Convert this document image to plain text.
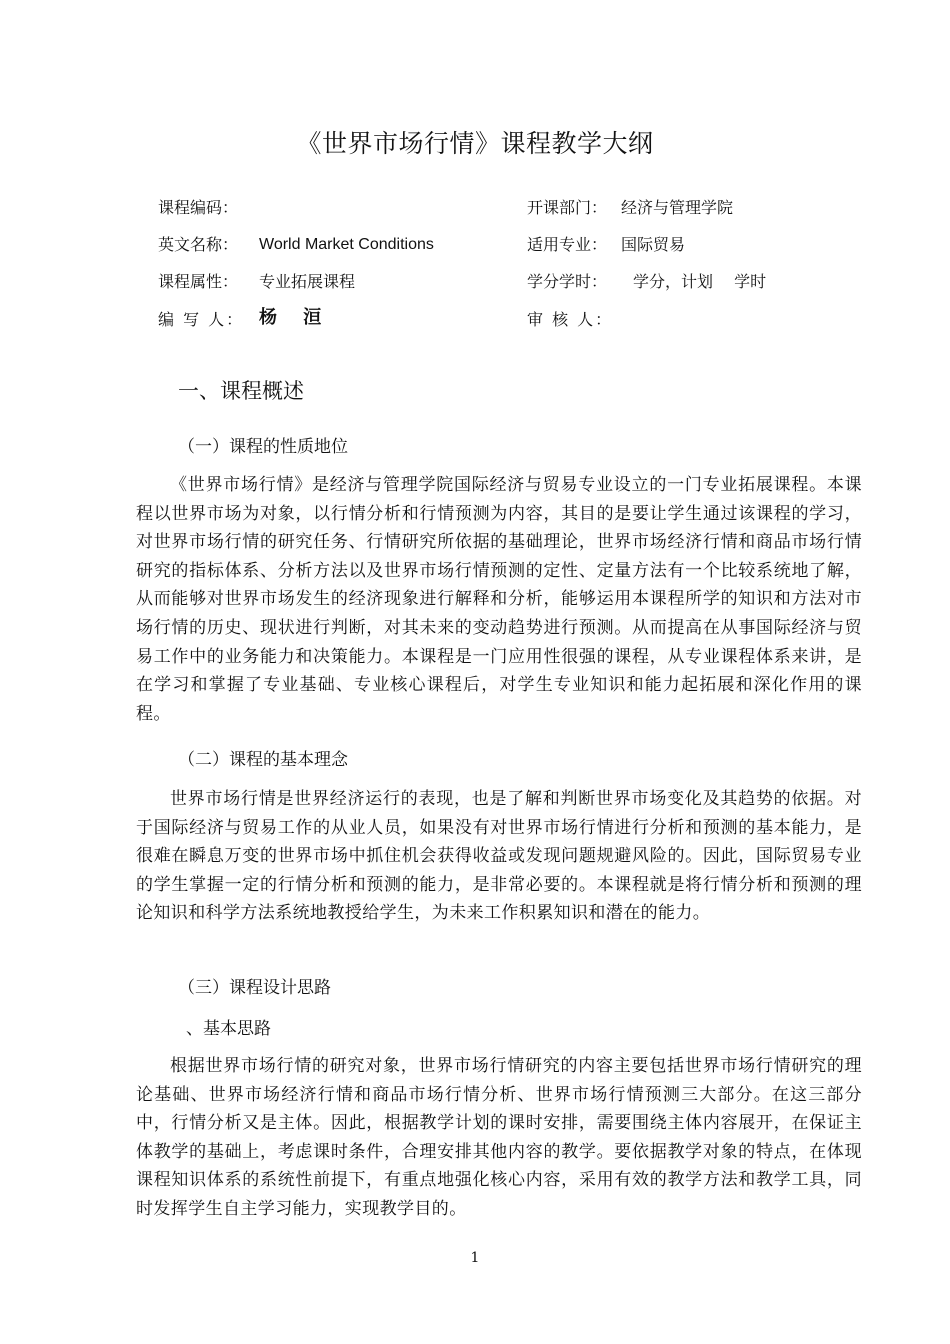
《世界市场行情》课程教学大纲
课程编码：	开课部门： 经济与管理学院
英文名称： World Market Conditions	适用专业： 国际贸易
课程属性： 专业拓展课程	学分学时： 学分，计划　 学时
编 写 人： 杨 洹	审 核 人：
一、课程概述
（一）课程的性质地位

《世界市场行情》是经济与管理学院国际经济与贸易专业设立的一门专业拓展课程。本课程以世界市场为对象，以行情分析和行情预测为内容，其目的是要让学生通过该课程的学习，对世界市场行情的研究任务、行情研究所依据的基础理论，世界市场经济行情和商品市场行情研究的指标体系、分析方法以及世界市场行情预测的定性、定量方法有一个比较系统地了解，从而能够对世界市场发生的经济现象进行解释和分析，能够运用本课程所学的知识和方法对市场行情的历史、现状进行判断，对其未来的变动趋势进行预测。从而提高在从事国际经济与贸易工作中的业务能力和决策能力。本课程是一门应用性很强的课程，从专业课程体系来讲，是在学习和掌握了专业基础、专业核心课程后，对学生专业知识和能力起拓展和深化作用的课程。

（二）课程的基本理念

世界市场行情是世界经济运行的表现，也是了解和判断世界市场变化及其趋势的依据。对于国际经济与贸易工作的从业人员，如果没有对世界市场行情进行分析和预测的基本能力，是很难在瞬息万变的世界市场中抓住机会获得收益或发现问题规避风险的。因此，国际贸易专业的学生掌握一定的行情分析和预测的能力，是非常必要的。本课程就是将行情分析和预测的理论知识和科学方法系统地教授给学生，为未来工作积累知识和潜在的能力。

（三）课程设计思路
、基本思路

根据世界市场行情的研究对象，世界市场行情研究的内容主要包括世界市场行情研究的理论基础、世界市场经济行情和商品市场行情分析、世界市场行情预测三大部分。在这三部分中，行情分析又是主体。因此，根据教学计划的课时安排，需要围绕主体内容展开，在保证主体教学的基础上，考虑课时条件，合理安排其他内容的教学。要依据教学对象的特点，在体现课程知识体系的系统性前提下，有重点地强化核心内容，采用有效的教学方法和教学工具，同时发挥学生自主学习能力，实现教学目的。

1
